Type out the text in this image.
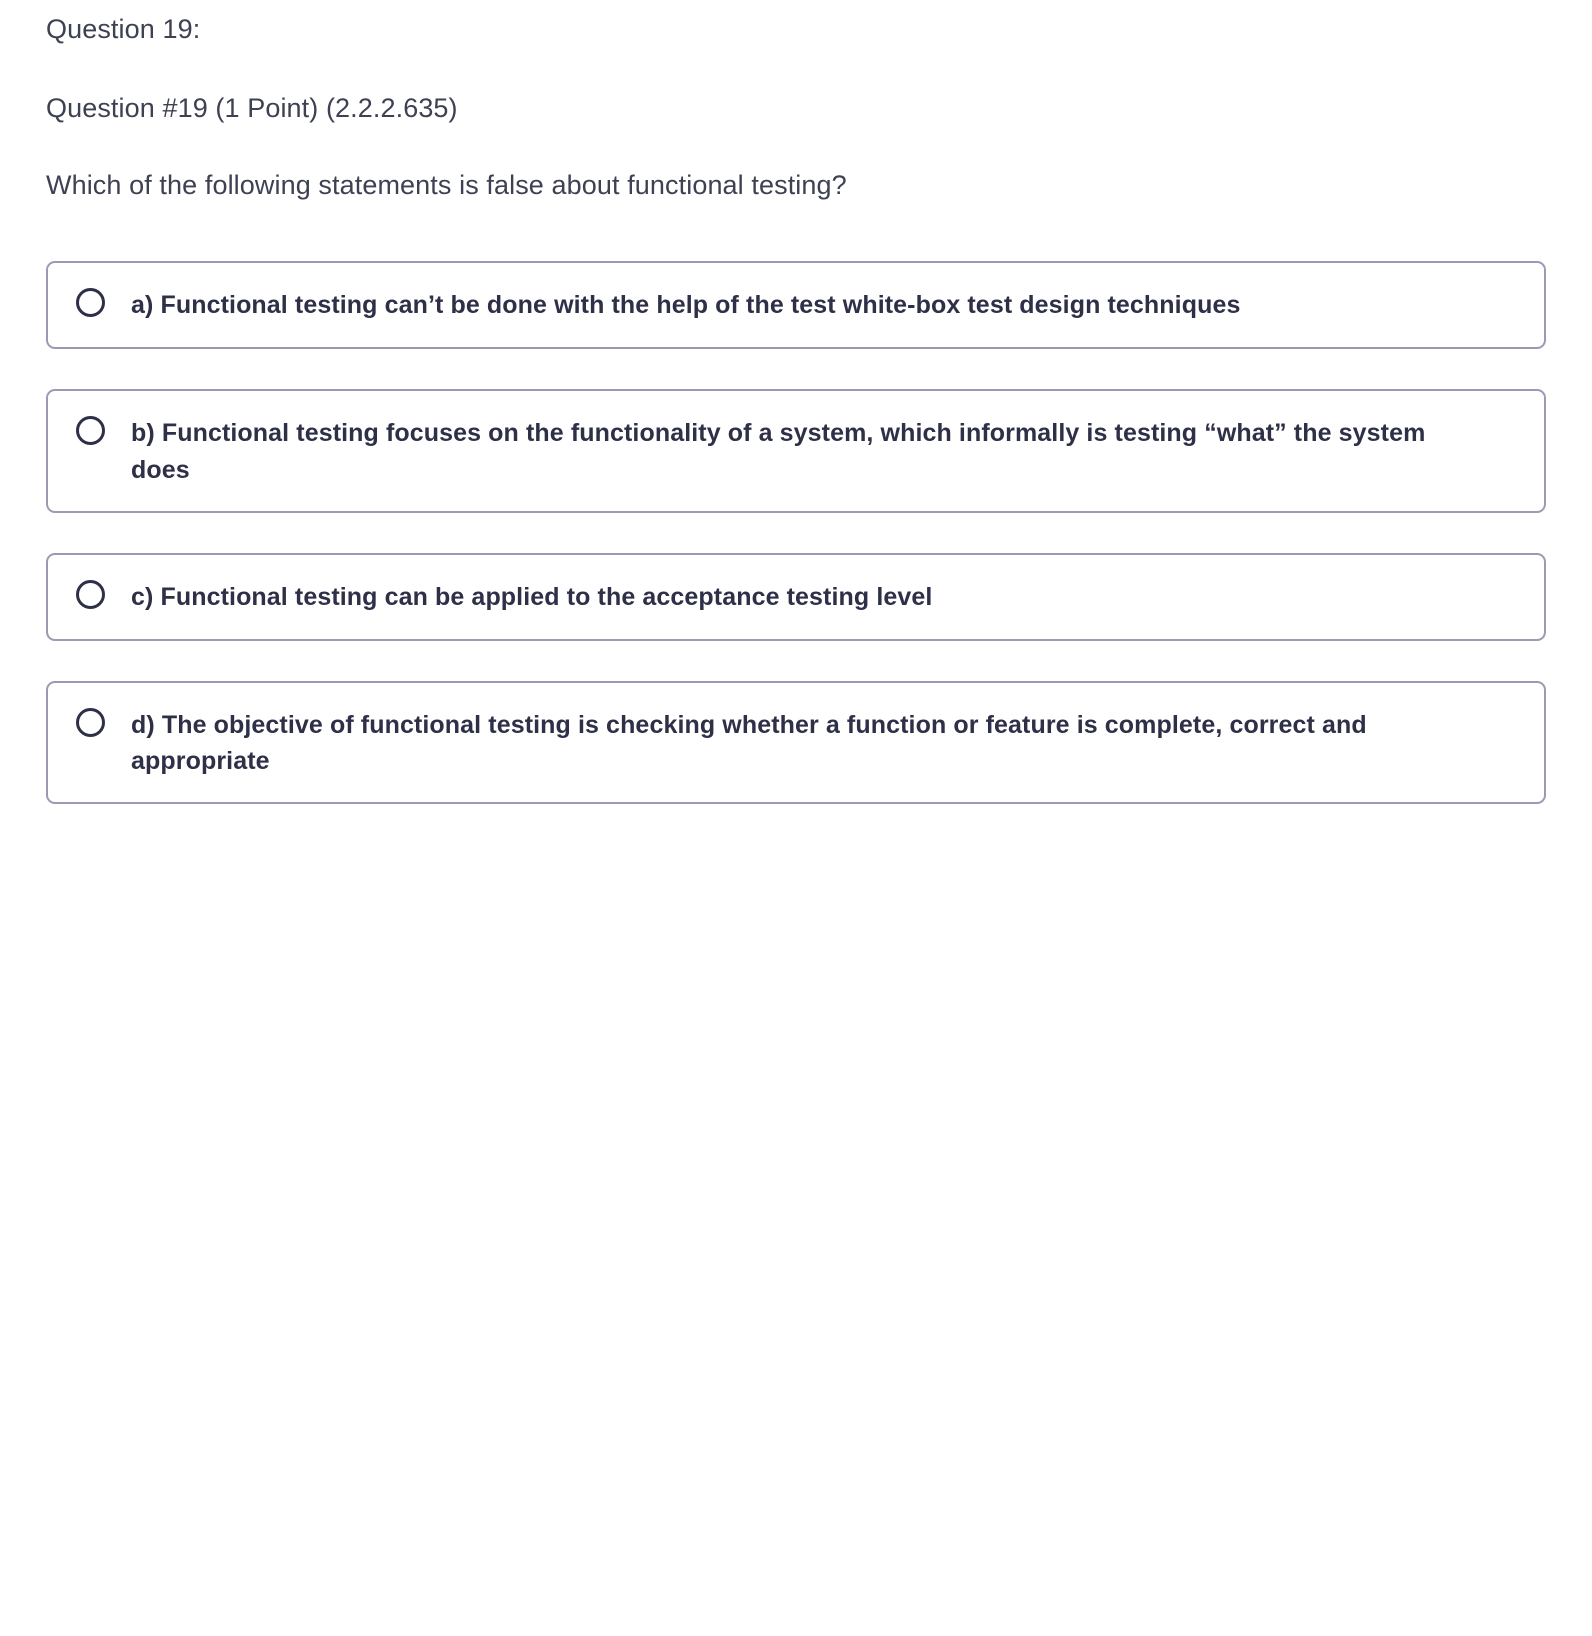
Question 19:

Question #19 (1 Point) (2.2.2.635)

Which of the following statements is false about functional testing?

a) Functional testing can’t be done with the help of the test white-box test design techniques
b) Functional testing focuses on the functionality of a system, which informally is testing “what” the system does
c) Functional testing can be applied to the acceptance testing level
d) The objective of functional testing is checking whether a function or feature is complete, correct and appropriate
